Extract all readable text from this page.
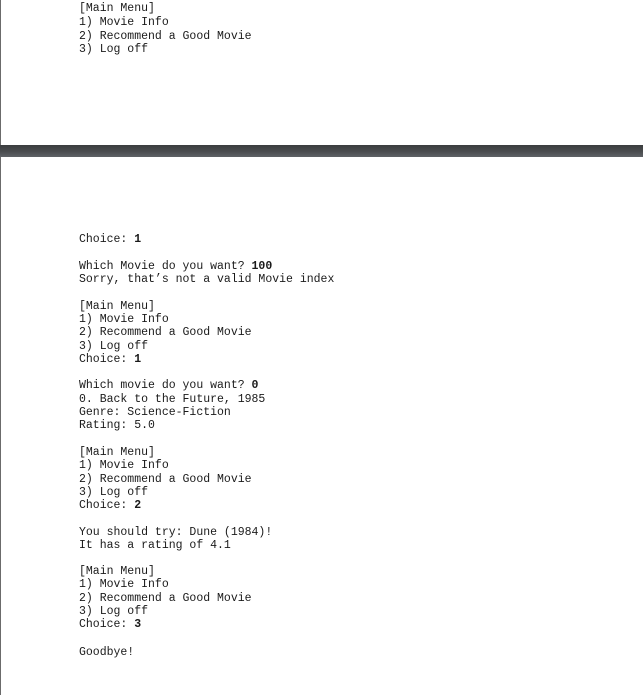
[Main Menu]
1) Movie Info
2) Recommend a Good Movie
3) Log off
Choice: 1
Which Movie do you want? 100
Sorry, that’s not a valid Movie index
[Main Menu]
1) Movie Info
2) Recommend a Good Movie
3) Log off
Choice: 1
Which movie do you want? 0
0. Back to the Future, 1985
Genre: Science-Fiction
Rating: 5.0
[Main Menu]
1) Movie Info
2) Recommend a Good Movie
3) Log off
Choice: 2
You should try: Dune (1984)!
It has a rating of 4.1
[Main Menu]
1) Movie Info
2) Recommend a Good Movie
3) Log off
Choice: 3
Goodbye!
